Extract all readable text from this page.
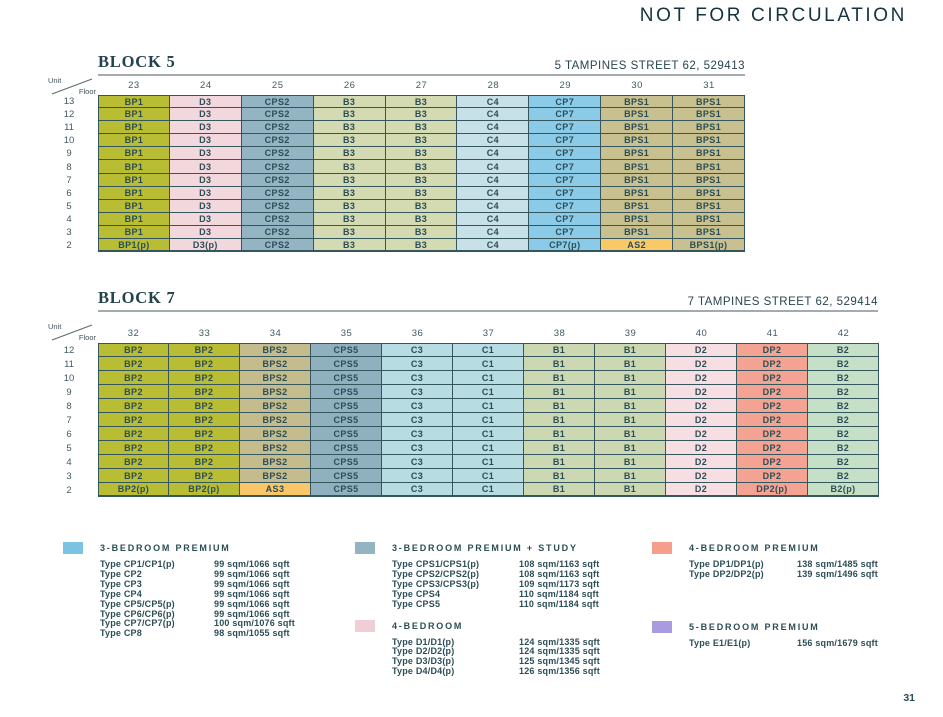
NOT FOR CIRCULATION
BLOCK 5	5 TAMPINES STREET 62, 529413
Unit
Floor
23	24	25	26	27	28	29	30	31
13	BP1	D3	CPS2	B3	B3	C4	CP7	BPS1	BPS1
12	BP1	D3	CPS2	B3	B3	C4	CP7	BPS1	BPS1
11	BP1	D3	CPS2	B3	B3	C4	CP7	BPS1	BPS1
10	BP1	D3	CPS2	B3	B3	C4	CP7	BPS1	BPS1
9	BP1	D3	CPS2	B3	B3	C4	CP7	BPS1	BPS1
8	BP1	D3	CPS2	B3	B3	C4	CP7	BPS1	BPS1
7	BP1	D3	CPS2	B3	B3	C4	CP7	BPS1	BPS1
6	BP1	D3	CPS2	B3	B3	C4	CP7	BPS1	BPS1
5	BP1	D3	CPS2	B3	B3	C4	CP7	BPS1	BPS1
4	BP1	D3	CPS2	B3	B3	C4	CP7	BPS1	BPS1
3	BP1	D3	CPS2	B3	B3	C4	CP7	BPS1	BPS1
2	BP1(p)	D3(p)	CPS2	B3	B3	C4	CP7(p)	AS2	BPS1(p)
BLOCK 7	7 TAMPINES STREET 62, 529414
Unit
Floor	32	33	34	35	36	37	38	39	40	41	42
12	BP2	BP2	BPS2	CPS5	C3	C1	B1	B1	D2	DP2	B2
11	BP2	BP2	BPS2	CPS5	C3	C1	B1	B1	D2	DP2	B2
10	BP2	BP2	BPS2	CPS5	C3	C1	B1	B1	D2	DP2	B2
9	BP2	BP2	BPS2	CPS5	C3	C1	B1	B1	D2	DP2	B2
8	BP2	BP2	BPS2	CPS5	C3	C1	B1	B1	D2	DP2	B2
7	BP2	BP2	BPS2	CPS5	C3	C1	B1	B1	D2	DP2	B2
6	BP2	BP2	BPS2	CPS5	C3	C1	B1	B1	D2	DP2	B2
5	BP2	BP2	BPS2	CPS5	C3	C1	B1	B1	D2	DP2	B2
4	BP2	BP2	BPS2	CPS5	C3	C1	B1	B1	D2	DP2	B2
3	BP2	BP2	BPS2	CPS5	C3	C1	B1	B1	D2	DP2	B2
2	BP2(p)	BP2(p)	AS3	CPS5	C3	C1	B1	B1	D2	DP2(p)	B2(p)
3-BEDROOM PREMIUM
Type CP1/CP1(p)	99 sqm/1066 sqft
Type CP2	99 sqm/1066 sqft
Type CP3	99 sqm/1066 sqft
Type CP4	99 sqm/1066 sqft
Type CP5/CP5(p)	99 sqm/1066 sqft
Type CP6/CP6(p)	99 sqm/1066 sqft
Type CP7/CP7(p)	100 sqm/1076 sqft
Type CP8	98 sqm/1055 sqft
3-BEDROOM PREMIUM + STUDY
Type CPS1/CPS1(p)	108 sqm/1163 sqft
Type CPS2/CPS2(p)	108 sqm/1163 sqft
Type CPS3/CPS3(p)	109 sqm/1173 sqft
Type CPS4	110 sqm/1184 sqft
Type CPS5	110 sqm/1184 sqft
4-BEDROOM
Type D1/D1(p)	124 sqm/1335 sqft
Type D2/D2(p)	124 sqm/1335 sqft
Type D3/D3(p)	125 sqm/1345 sqft
Type D4/D4(p)	126 sqm/1356 sqft
4-BEDROOM PREMIUM
Type DP1/DP1(p)	138 sqm/1485 sqft
Type DP2/DP2(p)	139 sqm/1496 sqft
5-BEDROOM PREMIUM
Type E1/E1(p)	156 sqm/1679 sqft
31
